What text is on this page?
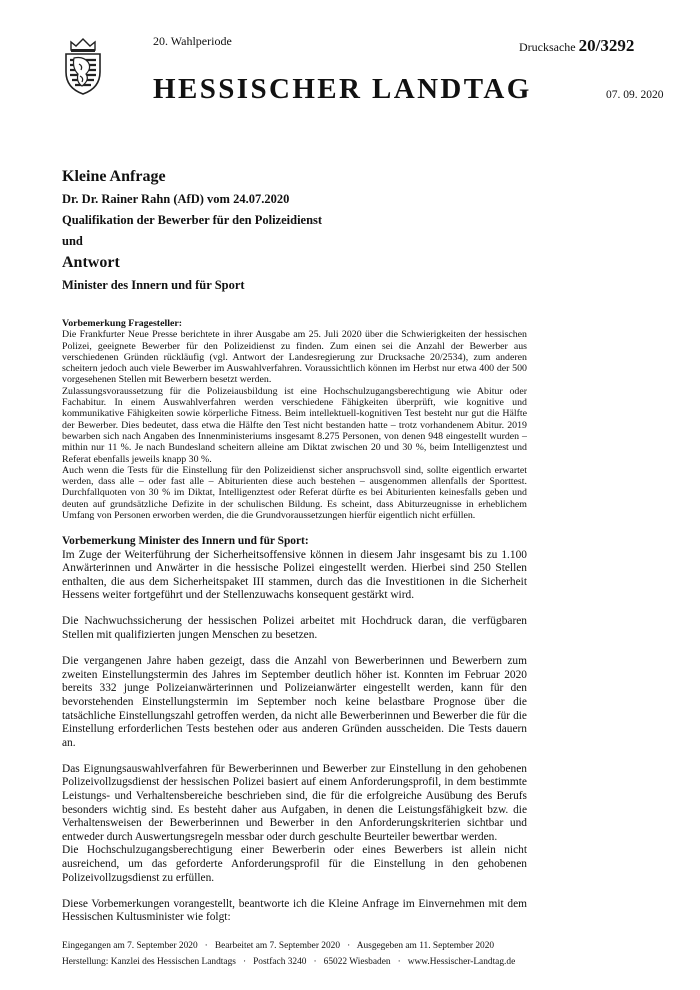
20. Wahlperiode	Drucksache 20/3292
HESSISCHER LANDTAG	07. 09. 2020
Kleine Anfrage
Dr. Dr. Rainer Rahn (AfD) vom 24.07.2020
Qualifikation der Bewerber für den Polizeidienst
und
Antwort
Minister des Innern und für Sport

Vorbemerkung Fragesteller:

Die Frankfurter Neue Presse berichtete in ihrer Ausgabe am 25. Juli 2020 über die Schwierigkeiten der hessischen Polizei, geeignete Bewerber für den Polizeidienst zu finden. Zum einen sei die Anzahl der Bewerber aus verschiedenen Gründen rückläufig (vgl. Antwort der Landesregierung zur Drucksache 20/2534), zum anderen scheitern jedoch auch viele Bewerber im Auswahlverfahren. Voraussichtlich können im Herbst nur etwa 400 der 500 vorgesehenen Stellen mit Bewerbern besetzt werden.

Zulassungsvoraussetzung für die Polizeiausbildung ist eine Hochschulzugangsberechtigung wie Abitur oder Fachabitur. In einem Auswahlverfahren werden verschiedene Fähigkeiten überprüft, wie kognitive und kommunikative Fähigkeiten sowie körperliche Fitness. Beim intellektuell-kognitiven Test besteht nur gut die Hälfte der Bewerber. Dies bedeutet, dass etwa die Hälfte den Test nicht bestanden hatte – trotz vorhandenem Abitur. 2019 bewarben sich nach Angaben des Innenministeriums insgesamt 8.275 Personen, von denen 948 eingestellt wurden – mithin nur 11 %. Je nach Bundesland scheitern alleine am Diktat zwischen 20 und 30 %, beim Intelligenztest und Referat ebenfalls jeweils knapp 30 %.

Auch wenn die Tests für die Einstellung für den Polizeidienst sicher anspruchsvoll sind, sollte eigentlich erwartet werden, dass alle – oder fast alle – Abiturienten diese auch bestehen – ausgenommen allenfalls der Sporttest. Durchfallquoten von 30 % im Diktat, Intelligenztest oder Referat dürfte es bei Abiturienten keinesfalls geben und deuten auf grundsätzliche Defizite in der schulischen Bildung. Es scheint, dass Abiturzeugnisse in erheblichem Umfang von Personen erworben werden, die die Grundvoraussetzungen hierfür eigentlich nicht erfüllen.

Vorbemerkung Minister des Innern und für Sport:

Im Zuge der Weiterführung der Sicherheitsoffensive können in diesem Jahr insgesamt bis zu 1.100 Anwärterinnen und Anwärter in die hessische Polizei eingestellt werden. Hierbei sind 250 Stellen enthalten, die aus dem Sicherheitspaket III stammen, durch das die Investitionen in die Sicherheit Hessens weiter fortgeführt und der Stellenzuwachs konsequent gestärkt wird.

Die Nachwuchssicherung der hessischen Polizei arbeitet mit Hochdruck daran, die verfügbaren Stellen mit qualifizierten jungen Menschen zu besetzen.

Die vergangenen Jahre haben gezeigt, dass die Anzahl von Bewerberinnen und Bewerbern zum zweiten Einstellungstermin des Jahres im September deutlich höher ist. Konnten im Februar 2020 bereits 332 junge Polizeianwärterinnen und Polizeianwärter eingestellt werden, kann für den bevorstehenden Einstellungstermin im September noch keine belastbare Prognose über die tatsächliche Einstellungszahl getroffen werden, da nicht alle Bewerberinnen und Bewerber die für die Einstellung erforderlichen Tests bestehen oder aus anderen Gründen ausscheiden. Die Tests dauern an.

Das Eignungsauswahlverfahren für Bewerberinnen und Bewerber zur Einstellung in den gehobenen Polizeivollzugsdienst der hessischen Polizei basiert auf einem Anforderungsprofil, in dem bestimmte Leistungs- und Verhaltensbereiche beschrieben sind, die für die erfolgreiche Ausübung des Berufs besonders wichtig sind. Es besteht daher aus Aufgaben, in denen die Leistungsfähigkeit bzw. die Verhaltensweisen der Bewerberinnen und Bewerber in den Anforderungskriterien sichtbar und entweder durch Auswertungsregeln messbar oder durch geschulte Beurteiler bewertbar werden.

Die Hochschulzugangsberechtigung einer Bewerberin oder eines Bewerbers ist allein nicht ausreichend, um das geforderte Anforderungsprofil für die Einstellung in den gehobenen Polizeivollzugsdienst zu erfüllen.

Diese Vorbemerkungen vorangestellt, beantworte ich die Kleine Anfrage im Einvernehmen mit dem Hessischen Kultusminister wie folgt:

Eingegangen am 7. September 2020   ·   Bearbeitet am 7. September 2020   ·   Ausgegeben am 11. September 2020
Herstellung: Kanzlei des Hessischen Landtags   ·   Postfach 3240   ·   65022 Wiesbaden   ·   www.Hessischer-Landtag.de
